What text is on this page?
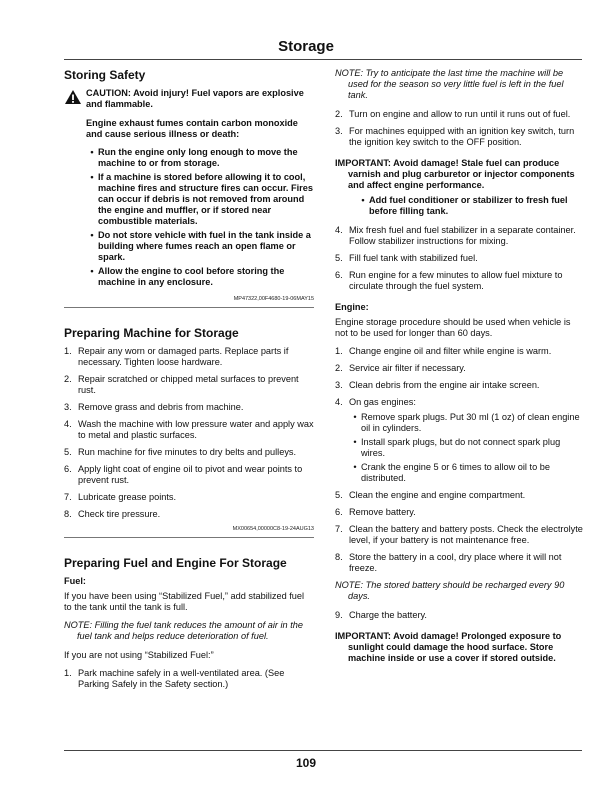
Storage
Storing Safety
CAUTION: Avoid injury! Fuel vapors are explosive and flammable.

Engine exhaust fumes contain carbon monoxide and cause serious illness or death:

• Run the engine only long enough to move the machine to or from storage.
• If a machine is stored before allowing it to cool, machine fires and structure fires can occur. Fires can occur if debris is not removed from around the engine and muffler, or if stored near combustible materials.
• Do not store vehicle with fuel in the tank inside a building where fumes reach an open flame or spark.
• Allow the engine to cool before storing the machine in any enclosure.
MP47322,00F4680-19-06MAY15
Preparing Machine for Storage
1. Repair any worn or damaged parts. Replace parts if necessary. Tighten loose hardware.
2. Repair scratched or chipped metal surfaces to prevent rust.
3. Remove grass and debris from machine.
4. Wash the machine with low pressure water and apply wax to metal and plastic surfaces.
5. Run machine for five minutes to dry belts and pulleys.
6. Apply light coat of engine oil to pivot and wear points to prevent rust.
7. Lubricate grease points.
8. Check tire pressure.
MX00654,00000C8-19-24AUG13
Preparing Fuel and Engine For Storage

Fuel:

If you have been using “Stabilized Fuel,” add stabilized fuel to the tank until the tank is full.

NOTE: Filling the fuel tank reduces the amount of air in the fuel tank and helps reduce deterioration of fuel.

If you are not using “Stabilized Fuel:”

1. Park machine safely in a well-ventilated area. (See Parking Safely in the Safety section.)

NOTE: Try to anticipate the last time the machine will be used for the season so very little fuel is left in the fuel tank.

2. Turn on engine and allow to run until it runs out of fuel.
3. For machines equipped with an ignition key switch, turn the ignition key switch to the OFF position.

IMPORTANT: Avoid damage! Stale fuel can produce varnish and plug carburetor or injector components and affect engine performance.

• Add fuel conditioner or stabilizer to fresh fuel before filling tank.
4. Mix fresh fuel and fuel stabilizer in a separate container. Follow stabilizer instructions for mixing.
5. Fill fuel tank with stabilized fuel.
6. Run engine for a few minutes to allow fuel mixture to circulate through the fuel system.

Engine:

Engine storage procedure should be used when vehicle is not to be used for longer than 60 days.

1. Change engine oil and filter while engine is warm.
2. Service air filter if necessary.
3. Clean debris from the engine air intake screen.
4. On gas engines:
• Remove spark plugs. Put 30 ml (1 oz) of clean engine oil in cylinders.
• Install spark plugs, but do not connect spark plug wires.
• Crank the engine 5 or 6 times to allow oil to be distributed.
5. Clean the engine and engine compartment.
6. Remove battery.
7. Clean the battery and battery posts. Check the electrolyte level, if your battery is not maintenance free.
8. Store the battery in a cool, dry place where it will not freeze.

NOTE: The stored battery should be recharged every 90 days.

9. Charge the battery.

IMPORTANT: Avoid damage! Prolonged exposure to sunlight could damage the hood surface. Store machine inside or use a cover if stored outside.

109
